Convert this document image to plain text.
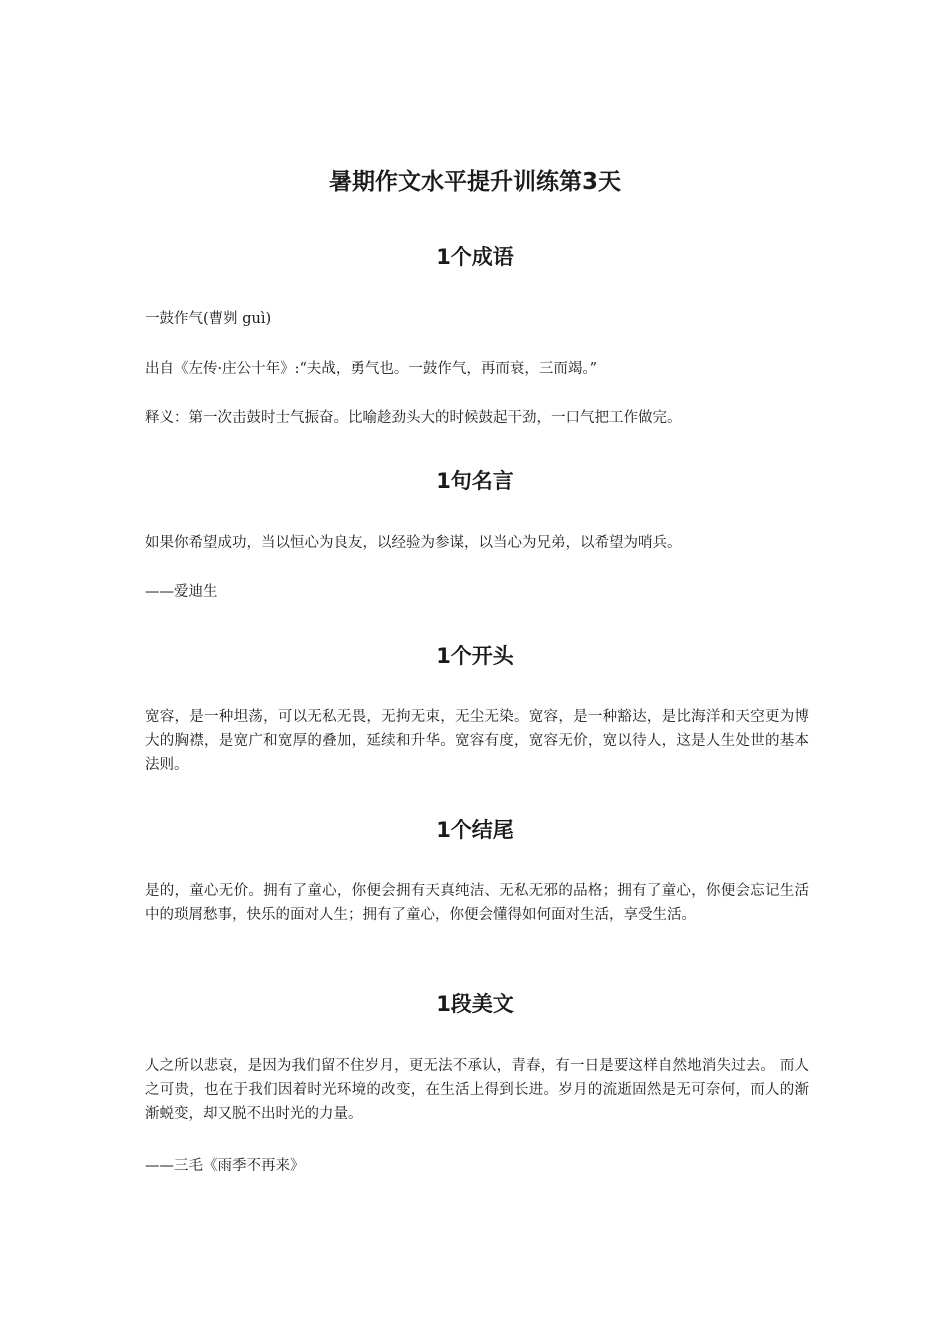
暑期作文水平提升训练第3天
1个成语

一鼓作气(曹刿 guì)

出自《左传·庄公十年》:“夫战，勇气也。一鼓作气，再而衰，三而竭。”

释义：第一次击鼓时士气振奋。比喻趁劲头大的时候鼓起干劲，一口气把工作做完。

1句名言

如果你希望成功，当以恒心为良友，以经验为参谋，以当心为兄弟，以希望为哨兵。

——爱迪生

1个开头

宽容，是一种坦荡，可以无私无畏，无拘无束，无尘无染。宽容，是一种豁达，是比海洋和天空更为博大的胸襟，是宽广和宽厚的叠加，延续和升华。宽容有度，宽容无价，宽以待人，这是人生处世的基本法则。

1个结尾

是的，童心无价。拥有了童心，你便会拥有天真纯洁、无私无邪的品格；拥有了童心，你便会忘记生活中的琐屑愁事，快乐的面对人生；拥有了童心，你便会懂得如何面对生活，享受生活。

1段美文

人之所以悲哀，是因为我们留不住岁月，更无法不承认，青春，有一日是要这样自然地消失过去。 而人之可贵，也在于我们因着时光环境的改变，在生活上得到长进。岁月的流逝固然是无可奈何，而人的渐渐蜕变，却又脱不出时光的力量。

——三毛《雨季不再来》
